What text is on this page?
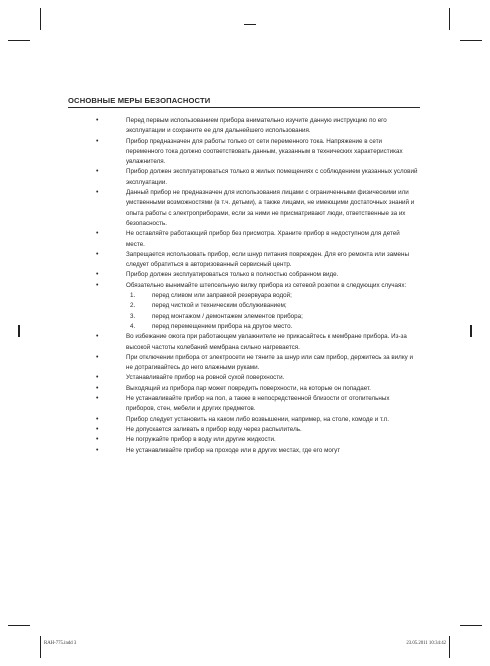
ОСНОВНЫЕ МЕРЫ БЕЗОПАСНОСТИ
• Перед первым использованием прибора внимательно изучите данную инструкцию по его эксплуатации и сохраните ее для дальнейшего использования.
• Прибор предназначен для работы только от сети переменного тока. Напряжение в сети переменного тока должно соответствовать данным, указанным в технических характеристиках увлажнителя.
• Прибор должен эксплуатироваться только в жилых помещениях с соблюдением указанных условий эксплуатации.
• Данный прибор не предназначен для использования лицами с ограниченными физическими или умственными возможностями (в т.ч. детьми), а также лицами, не имеющими достаточных знаний и опыта работы с электроприборами, если за ними не присматривают люди, ответственные за их безопасность.
• Не оставляйте работающий прибор без присмотра. Храните прибор в недоступном для детей месте.
• Запрещается использовать прибор, если шнур питания поврежден. Для его ремонта или замены следует обратиться в авторизованный сервисный центр.
• Прибор должен эксплуатироваться только в полностью собранном виде.
• Обязательно вынимайте штепсельную вилку прибора из сетевой розетки в следующих случаях:
1.	перед сливом или заправкой резервуара водой;
2.	перед чисткой и техническим обслуживанием;
3.	перед монтажом / демонтажем элементов прибора;
4.	перед перемещением прибора на другое место.
• Во избежание ожога при работающем увлажнителе не прикасайтесь к мембране прибора. Из-за высокой частоты колебаний мембрана сильно нагревается.
• При отключении прибора от электросети не тяните за шнур или сам прибор, держитесь за вилку и не дотрагивайтесь до него влажными руками.
• Устанавливайте прибор на ровной сухой поверхности.
• Выходящий из прибора пар может повредить поверхности, на которые он попадает.
• Не устанавливайте прибор на пол, а также в непосредственной близости от отопительных приборов, стен, мебели и других предметов.
• Прибор следует установить на каком либо возвышении, например, на столе, комоде и т.п.
• Не допускается заливать в прибор воду через распылитель.
• Не погружайте прибор в воду или другие жидкости.
• Не устанавливайте прибор на проходе или в других местах, где его могут
RAH-775.indd 3	23.05.2011 10:34:42
